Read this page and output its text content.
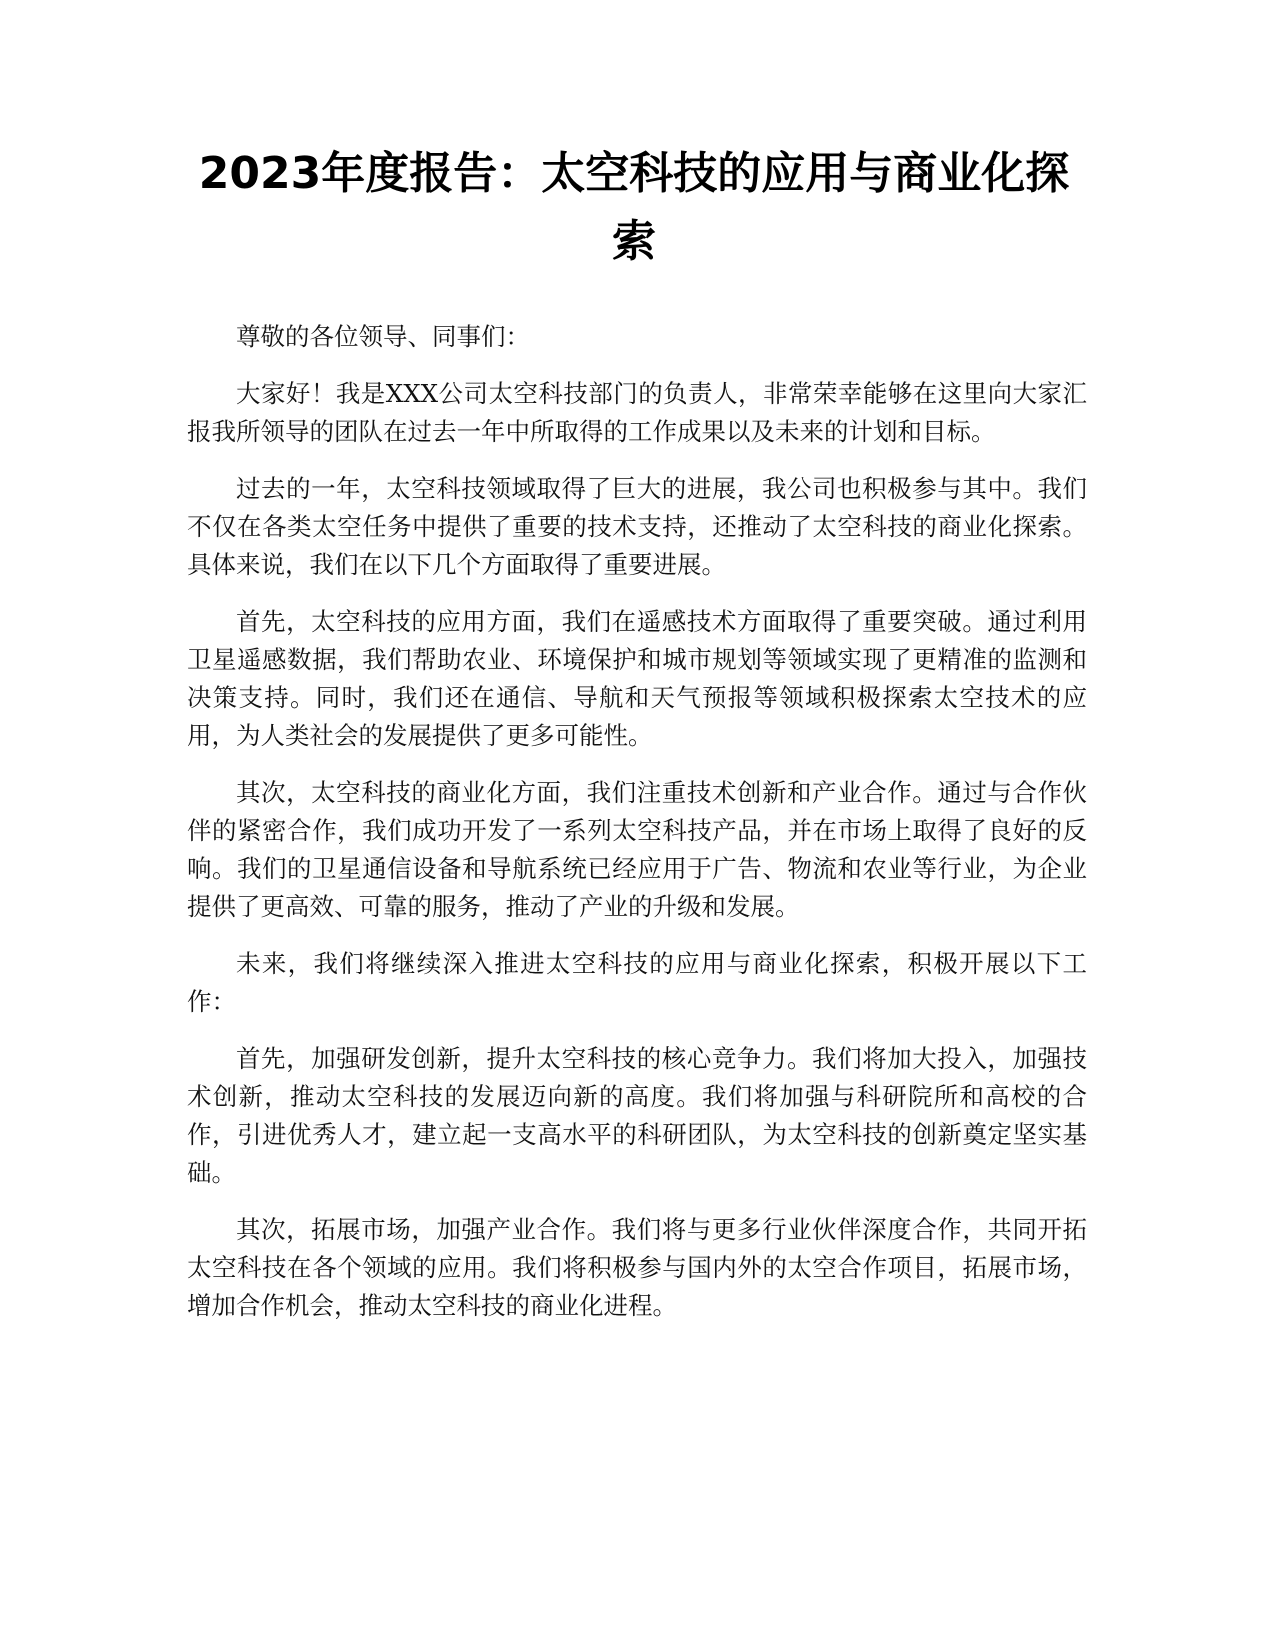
2023年度报告：太空科技的应用与商业化探索

尊敬的各位领导、同事们：

大家好！我是XXX公司太空科技部门的负责人，非常荣幸能够在这里向大家汇报我所领导的团队在过去一年中所取得的工作成果以及未来的计划和目标。

过去的一年，太空科技领域取得了巨大的进展，我公司也积极参与其中。我们不仅在各类太空任务中提供了重要的技术支持，还推动了太空科技的商业化探索。具体来说，我们在以下几个方面取得了重要进展。

首先，太空科技的应用方面，我们在遥感技术方面取得了重要突破。通过利用卫星遥感数据，我们帮助农业、环境保护和城市规划等领域实现了更精准的监测和决策支持。同时，我们还在通信、导航和天气预报等领域积极探索太空技术的应用，为人类社会的发展提供了更多可能性。

其次，太空科技的商业化方面，我们注重技术创新和产业合作。通过与合作伙伴的紧密合作，我们成功开发了一系列太空科技产品，并在市场上取得了良好的反响。我们的卫星通信设备和导航系统已经应用于广告、物流和农业等行业，为企业提供了更高效、可靠的服务，推动了产业的升级和发展。

未来，我们将继续深入推进太空科技的应用与商业化探索，积极开展以下工作：

首先，加强研发创新，提升太空科技的核心竞争力。我们将加大投入，加强技术创新，推动太空科技的发展迈向新的高度。我们将加强与科研院所和高校的合作，引进优秀人才，建立起一支高水平的科研团队，为太空科技的创新奠定坚实基础。

其次，拓展市场，加强产业合作。我们将与更多行业伙伴深度合作，共同开拓太空科技在各个领域的应用。我们将积极参与国内外的太空合作项目，拓展市场，增加合作机会，推动太空科技的商业化进程。
